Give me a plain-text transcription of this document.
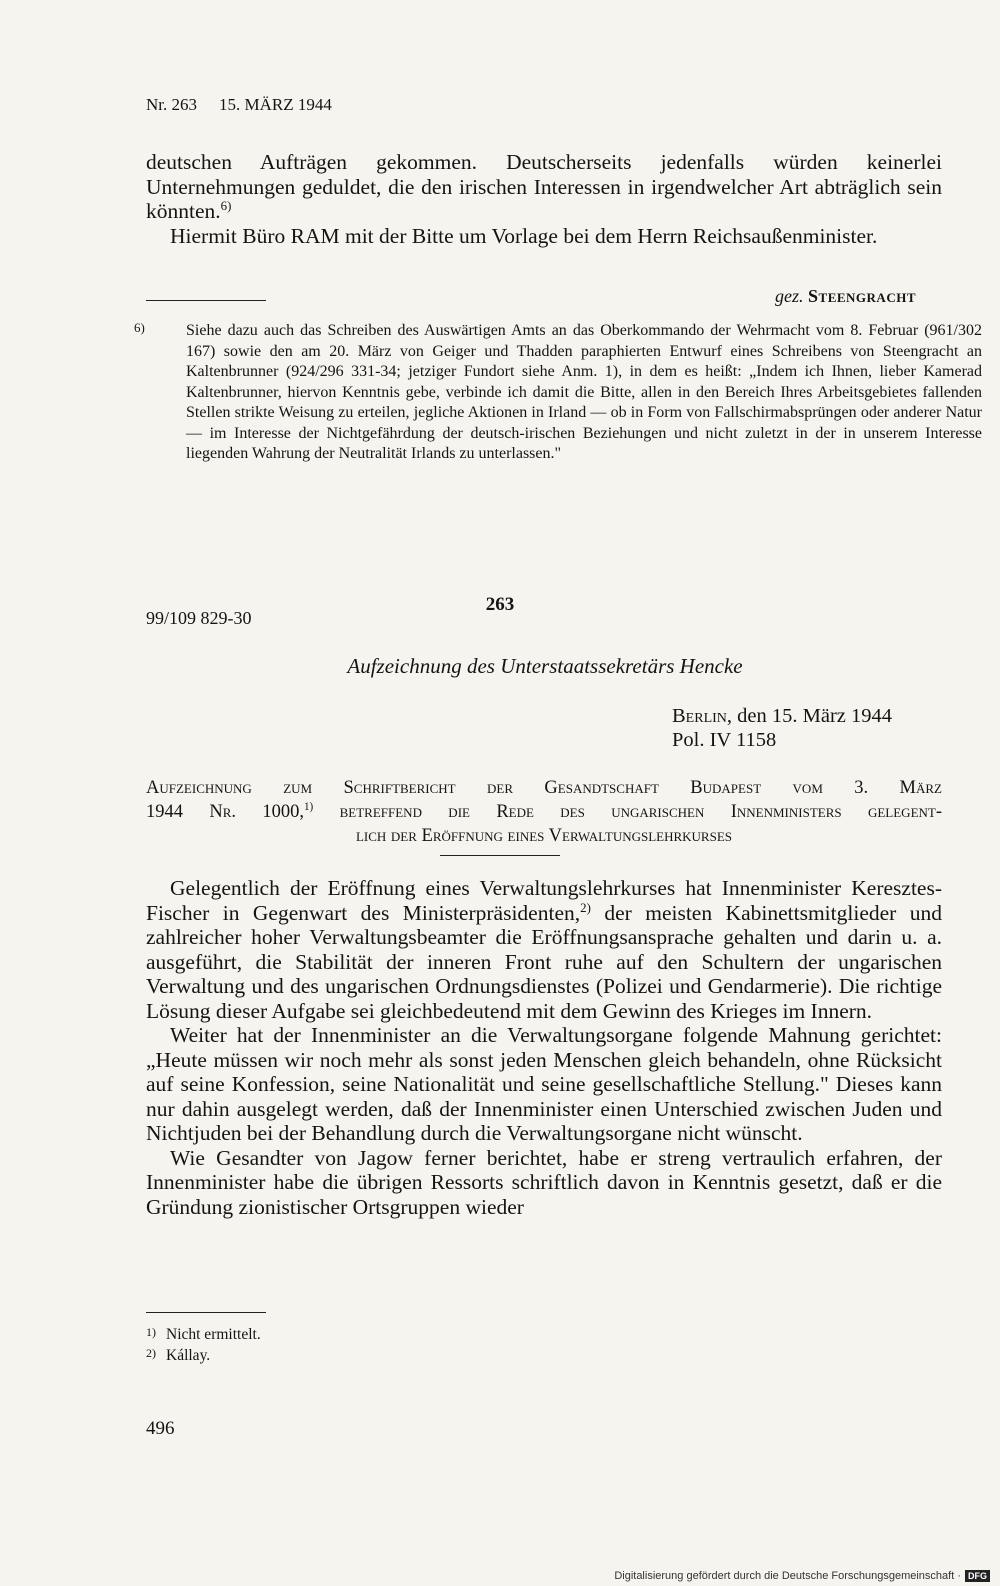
Nr. 263 15. MÄRZ 1944

deutschen Aufträgen gekommen. Deutscherseits jedenfalls würden keinerlei Unternehmungen geduldet, die den irischen Interessen in irgendwelcher Art abträglich sein könnten.$^{6)}$

Hiermit Büro RAM mit der Bitte um Vorlage bei dem Herrn Reichsaußenminister.

gez. Steengracht
6)	Siehe dazu auch das Schreiben des Auswärtigen Amts an das Oberkommando der Wehrmacht vom 8. Februar (961/302 167) sowie den am 20. März von Geiger und Thadden paraphierten Entwurf eines Schreibens von Steengracht an Kaltenbrunner (924/296 331-34; jetziger Fundort siehe Anm. 1), in dem es heißt: „Indem ich Ihnen, lieber Kamerad Kaltenbrunner, hiervon Kenntnis gebe, verbinde ich damit die Bitte, allen in den Bereich Ihres Arbeitsgebietes fallenden Stellen strikte Weisung zu erteilen, jegliche Aktionen in Irland — ob in Form von Fallschirmabsprüngen oder anderer Natur — im Interesse der Nichtgefährdung der deutsch-irischen Beziehungen und nicht zuletzt in der in unserem Interesse liegenden Wahrung der Neutralität Irlands zu unterlassen."
263
99/109 829-30
Aufzeichnung des Unterstaatssekretärs Hencke
Berlin, den 15. März 1944
Pol. IV 1158
Aufzeichnung zum Schriftbericht der Gesandtschaft Budapest vom 3. März
1944 Nr. 1000,$^{1)}$ betreffend die Rede des ungarischen Innenministers gelegent-
lich der Eröffnung eines Verwaltungslehrkurses

Gelegentlich der Eröffnung eines Verwaltungslehrkurses hat Innenminister Keresztes-Fischer in Gegenwart des Ministerpräsidenten,$^{2)}$ der meisten Kabinettsmitglieder und zahlreicher hoher Verwaltungsbeamter die Eröffnungsansprache gehalten und darin u. a. ausgeführt, die Stabilität der inneren Front ruhe auf den Schultern der ungarischen Verwaltung und des ungarischen Ordnungsdienstes (Polizei und Gendarmerie). Die richtige Lösung dieser Aufgabe sei gleichbedeutend mit dem Gewinn des Krieges im Innern.

Weiter hat der Innenminister an die Verwaltungsorgane folgende Mahnung gerichtet: „Heute müssen wir noch mehr als sonst jeden Menschen gleich behandeln, ohne Rücksicht auf seine Konfession, seine Nationalität und seine gesellschaftliche Stellung." Dieses kann nur dahin ausgelegt werden, daß der Innenminister einen Unterschied zwischen Juden und Nichtjuden bei der Behandlung durch die Verwaltungsorgane nicht wünscht.

Wie Gesandter von Jagow ferner berichtet, habe er streng vertraulich erfahren, der Innenminister habe die übrigen Ressorts schriftlich davon in Kenntnis gesetzt, daß er die Gründung zionistischer Ortsgruppen wieder

1) Nicht ermittelt.
2) Kállay.
496
Digitalisierung gefördert durch die Deutsche Forschungsgemeinschaft · DFG
